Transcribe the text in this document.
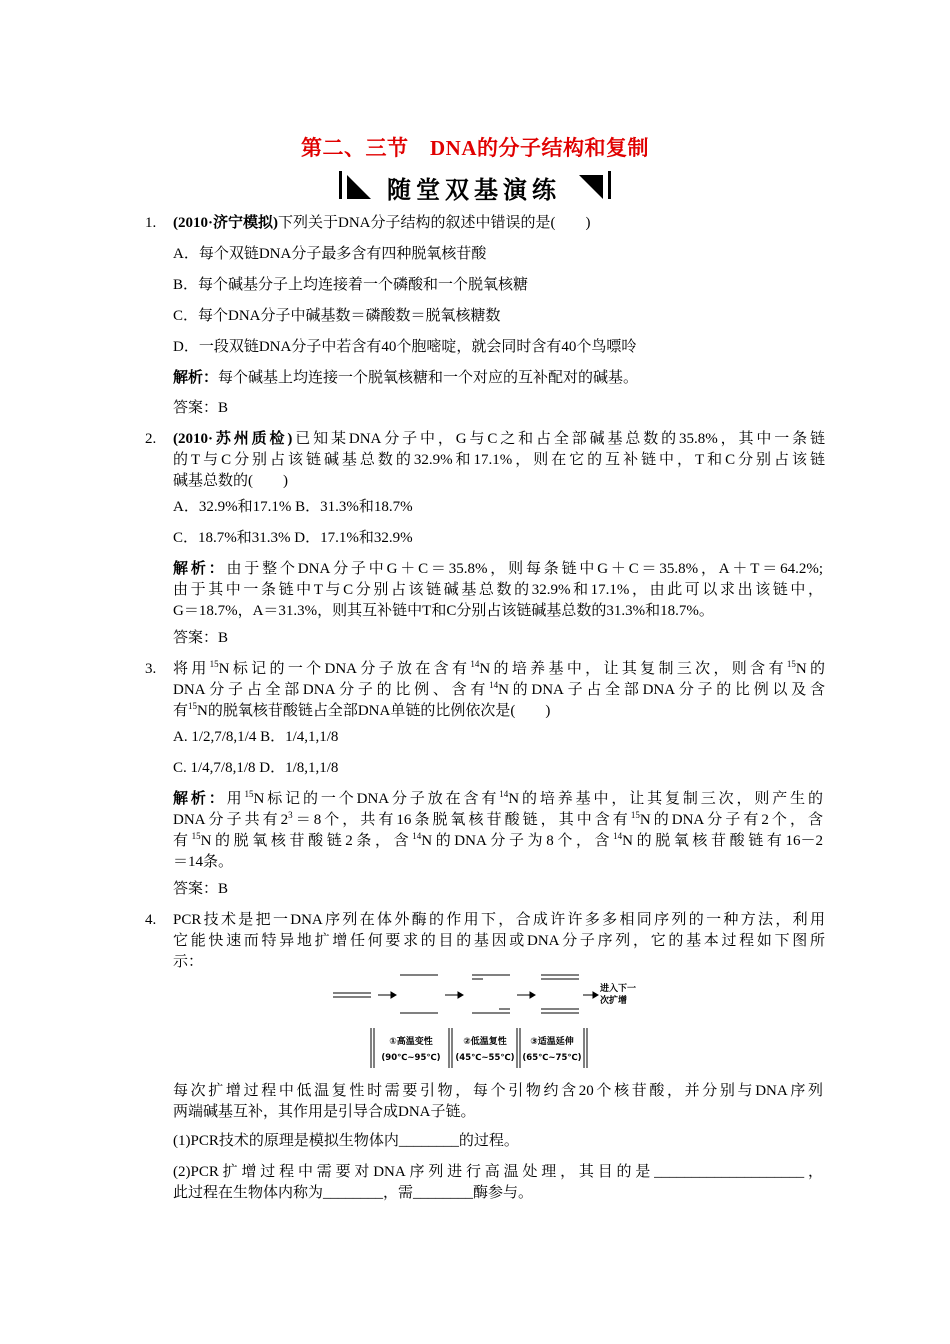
第二、三节　DNA的分子结构和复制
随堂双基演练
1. (2010·济宁模拟)下列关于DNA分子结构的叙述中错误的是(　　)
A．每个双链DNA分子最多含有四种脱氧核苷酸
B．每个碱基分子上均连接着一个磷酸和一个脱氧核糖
C．每个DNA分子中碱基数＝磷酸数＝脱氧核糖数
D．一段双链DNA分子中若含有40个胞嘧啶，就会同时含有40个鸟嘌呤
解析：每个碱基上均连接一个脱氧核糖和一个对应的互补配对的碱基。
答案：B
2. (2010·苏州质检)已知某DNA分子中，G与C之和占全部碱基总数的35.8%，其中一条链
的T与C分别占该链碱基总数的32.9%和17.1%，则在它的互补链中，T和C分别占该链
碱基总数的(　　)
A．32.9%和17.1% B．31.3%和18.7%
C．18.7%和31.3% D．17.1%和32.9%
解析：由于整个DNA分子中G＋C＝35.8%，则每条链中G＋C＝35.8%，A＋T＝64.2%;
由于其中一条链中T与C分别占该链碱基总数的32.9%和17.1%，由此可以求出该链中，
G＝18.7%，A＝31.3%，则其互补链中T和C分别占该链碱基总数的31.3%和18.7%。
答案：B
3. 将用$^{15}$N标记的一个DNA分子放在含有$^{14}$N的培养基中，让其复制三次，则含有$^{15}$N的
DNA分子占全部DNA分子的比例、含有$^{14}$N的DNA子占全部DNA分子的比例以及含
有$^{15}$N的脱氧核苷酸链占全部DNA单链的比例依次是(　　)
A. 1/2,7/8,1/4 B．1/4,1,1/8
C. 1/4,7/8,1/8 D．1/8,1,1/8
解析：用$^{15}$N标记的一个DNA分子放在含有$^{14}$N的培养基中，让其复制三次，则产生的
DNA分子共有$2^3=8$个，共有16条脱氧核苷酸链，其中含有$^{15}$N的DNA分子有2个，含
有$^{15}$N的脱氧核苷酸链2条，含$^{14}$N的DNA分子为8个，含$^{14}$N的脱氧核苷酸链有16－2
＝14条。
答案：B
4. PCR技术是把一DNA序列在体外酶的作用下，合成许许多多相同序列的一种方法，利用
它能快速而特异地扩增任何要求的目的基因或DNA分子序列，它的基本过程如下图所
示：
进入下一
次扩增
①高温变性
(90℃~95℃)
②低温复性
(45℃~55℃)
③适温延伸
(65℃~75℃)
每次扩增过程中低温复性时需要引物，每个引物约含20个核苷酸，并分别与DNA序列
两端碱基互补，其作用是引导合成DNA子链。
(1)PCR技术的原理是模拟生物体内________的过程。
(2)PCR扩增过程中需要对DNA序列进行高温处理，其目的是____________________，
此过程在生物体内称为________，需________酶参与。
